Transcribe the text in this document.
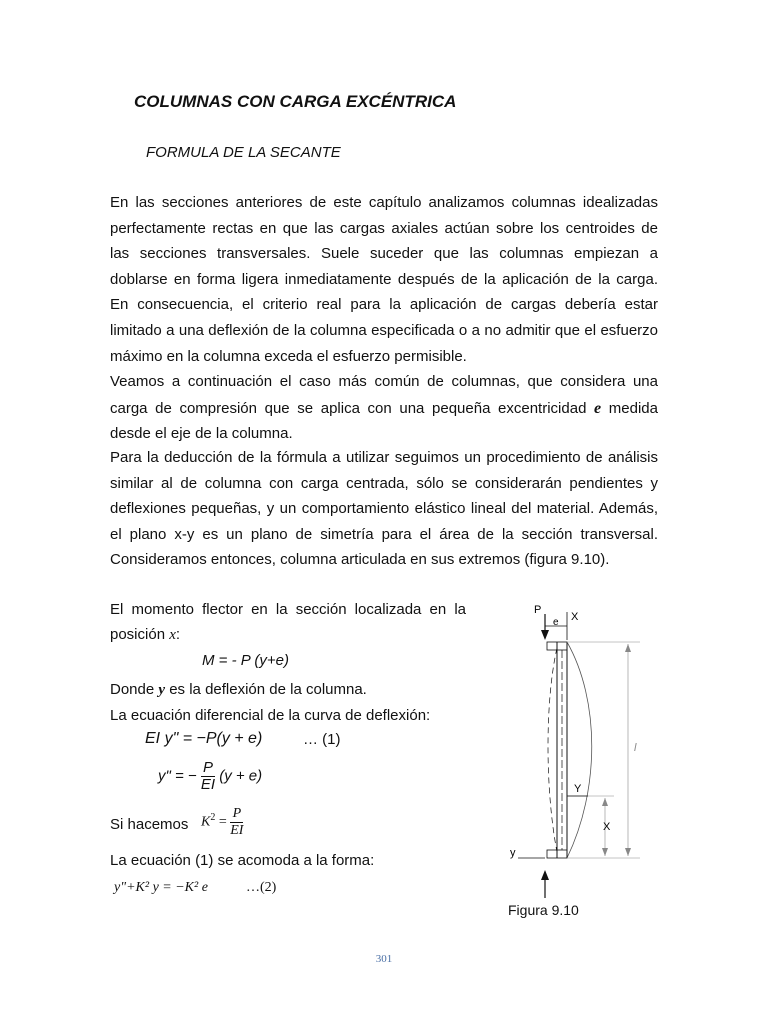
COLUMNAS CON CARGA EXCÉNTRICA
FORMULA DE LA SECANTE
En las secciones anteriores de este capítulo analizamos columnas idealizadas
perfectamente rectas en que las cargas axiales actúan sobre los centroides de
las secciones transversales. Suele suceder que las columnas empiezan a
doblarse en forma ligera inmediatamente después de la aplicación de la carga.
En consecuencia, el criterio real para la aplicación de cargas debería estar
limitado a una deflexión de la columna especificada o a no admitir que el esfuerzo
máximo en la columna exceda el esfuerzo permisible.
Veamos a continuación el caso más común de columnas, que considera una
carga de compresión que se aplica con una pequeña excentricidad e medida
desde el eje de la columna.
Para la deducción de la fórmula a utilizar seguimos un procedimiento de análisis
similar al de columna con carga centrada, sólo se considerarán pendientes y
deflexiones pequeñas, y un comportamiento elástico lineal del material. Además,
el plano x-y es un plano de simetría para el área de la sección transversal.
Consideramos entonces, columna articulada en sus extremos (figura 9.10).
El momento flector en la sección localizada en la
posición x:
M = - P (y+e)
Donde y es la deflexión de la columna.
La ecuación diferencial de la curva de deflexión:
EI y" = −P(y + e)	… (1)
y" = − $\frac{P}{EI} (y + e)$
Si hacemos $K^2 = \frac{P}{EI}$
La ecuación (1) se acomoda a la forma:
y"+K² y = −K² e	…(2)
P
e X
l
Y
X
y
Figura 9.10
301
